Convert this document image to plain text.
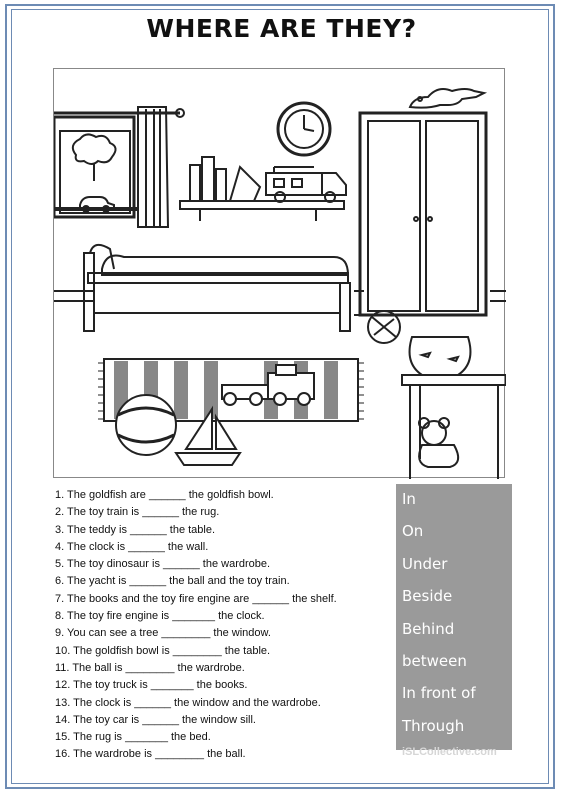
WHERE ARE THEY?
1. The goldfish are ______ the goldfish bowl.
2. The toy train is ______ the rug.
3. The teddy is ______ the table.
4. The clock is ______ the wall.
5. The toy dinosaur is ______ the wardrobe.
6. The yacht is ______ the ball and the toy train.
7. The books and the toy fire engine are ______ the shelf.
8. The toy fire engine is _______ the clock.
9. You can see a tree ________ the window.
10. The goldfish bowl is ________ the table.
11. The ball is ________ the wardrobe.
12. The toy truck is _______ the books.
13. The clock is ______ the window and the wardrobe.
14. The toy car is ______ the window sill.
15. The rug is _______ the bed.
16. The wardrobe is ________ the ball.
In
On
Under
Beside
Behind
between
In front of
Through
iSLCollective.com
